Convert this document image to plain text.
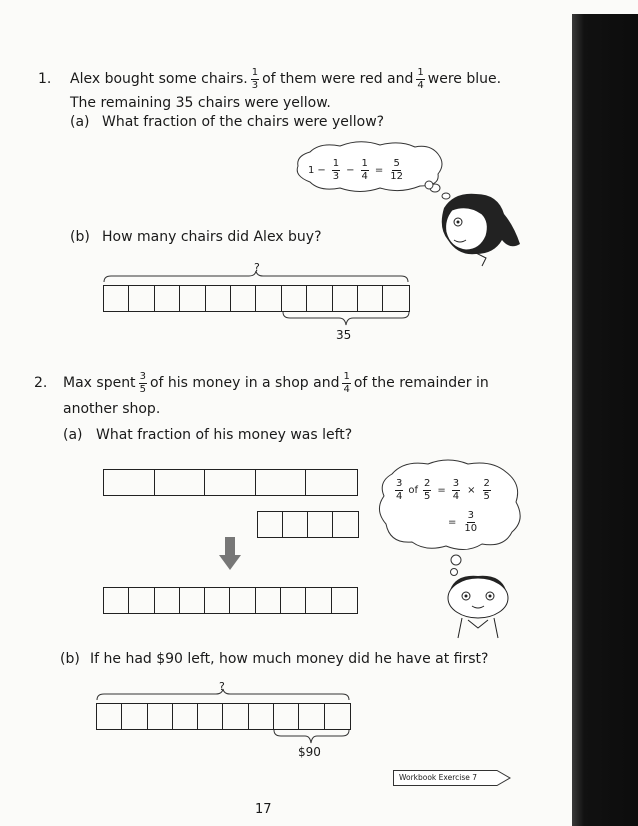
1. Alex bought some chairs. $\frac{1}{3}$ of them were red and $\frac{1}{4}$ were blue.
The remaining 35 chairs were yellow.
(a) What fraction of the chairs were yellow?
$1 - \frac{1}{3} - \frac{1}{4} = \frac{5}{12}$
(b) How many chairs did Alex buy?
?
35
2. Max spent $\frac{3}{5}$ of his money in a shop and $\frac{1}{4}$ of the remainder in
another shop.
(a) What fraction of his money was left?
$\frac{3}{4}$ of $\frac{2}{5} = \frac{3}{4} \times \frac{2}{5}$
= $\frac{3}{10}$
(b) If he had $90 left, how much money did he have at first?
?
$90
Workbook Exercise 7
17
